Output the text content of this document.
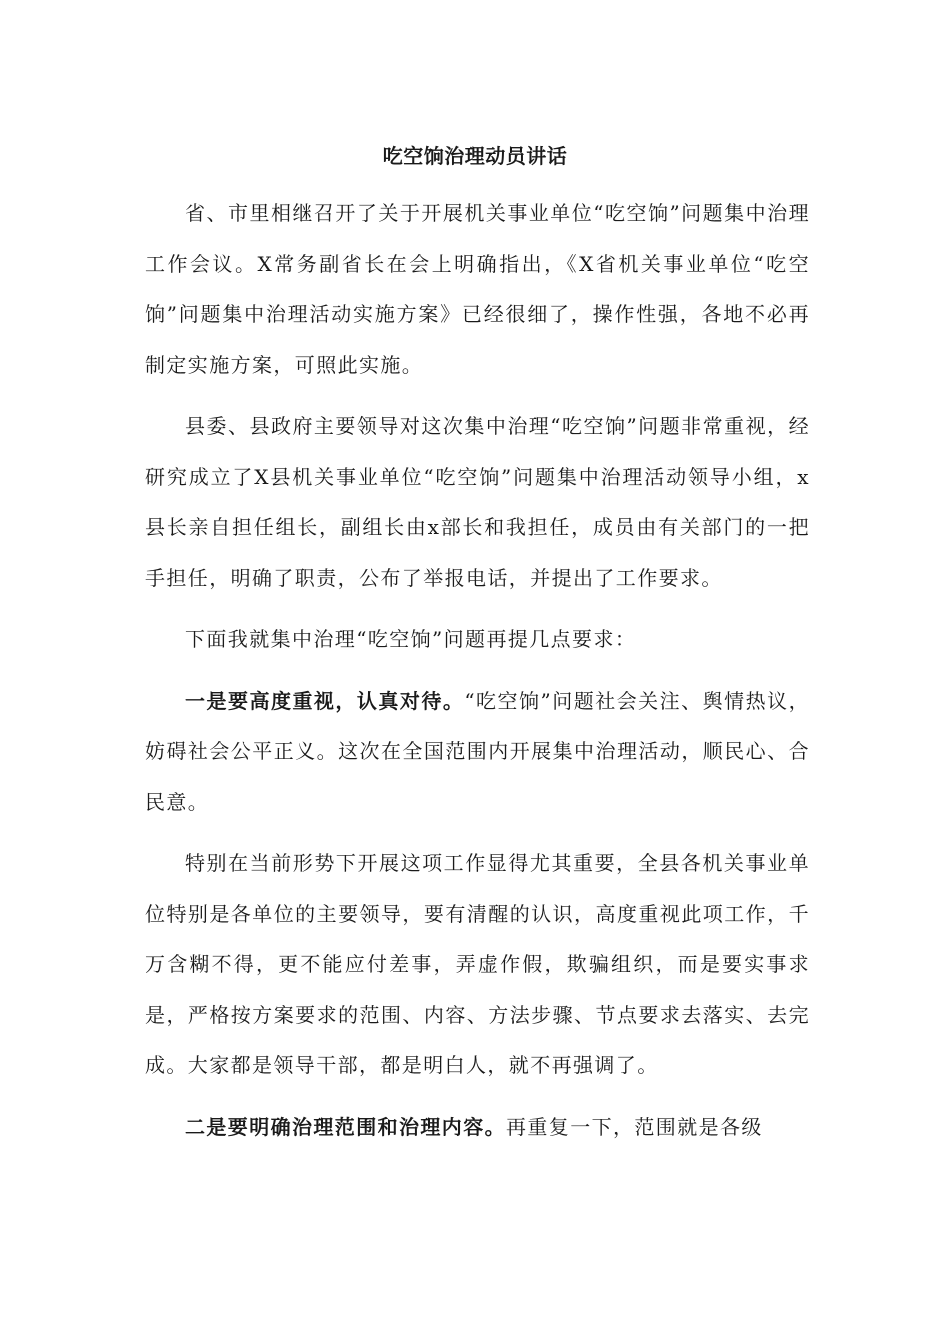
吃空饷治理动员讲话

省、市里相继召开了关于开展机关事业单位“吃空饷”问题集中治理工作会议。X常务副省长在会上明确指出，《X省机关事业单位“吃空饷”问题集中治理活动实施方案》已经很细了，操作性强，各地不必再制定实施方案，可照此实施。

县委、县政府主要领导对这次集中治理“吃空饷”问题非常重视，经研究成立了X县机关事业单位“吃空饷”问题集中治理活动领导小组，x县长亲自担任组长，副组长由x部长和我担任，成员由有关部门的一把手担任，明确了职责，公布了举报电话，并提出了工作要求。

下面我就集中治理“吃空饷”问题再提几点要求：

一是要高度重视，认真对待。“吃空饷”问题社会关注、舆情热议，妨碍社会公平正义。这次在全国范围内开展集中治理活动，顺民心、合民意。

特别在当前形势下开展这项工作显得尤其重要，全县各机关事业单位特别是各单位的主要领导，要有清醒的认识，高度重视此项工作，千万含糊不得，更不能应付差事，弄虚作假，欺骗组织，而是要实事求是，严格按方案要求的范围、内容、方法步骤、节点要求去落实、去完成。大家都是领导干部，都是明白人，就不再强调了。

二是要明确治理范围和治理内容。再重复一下，范围就是各级
